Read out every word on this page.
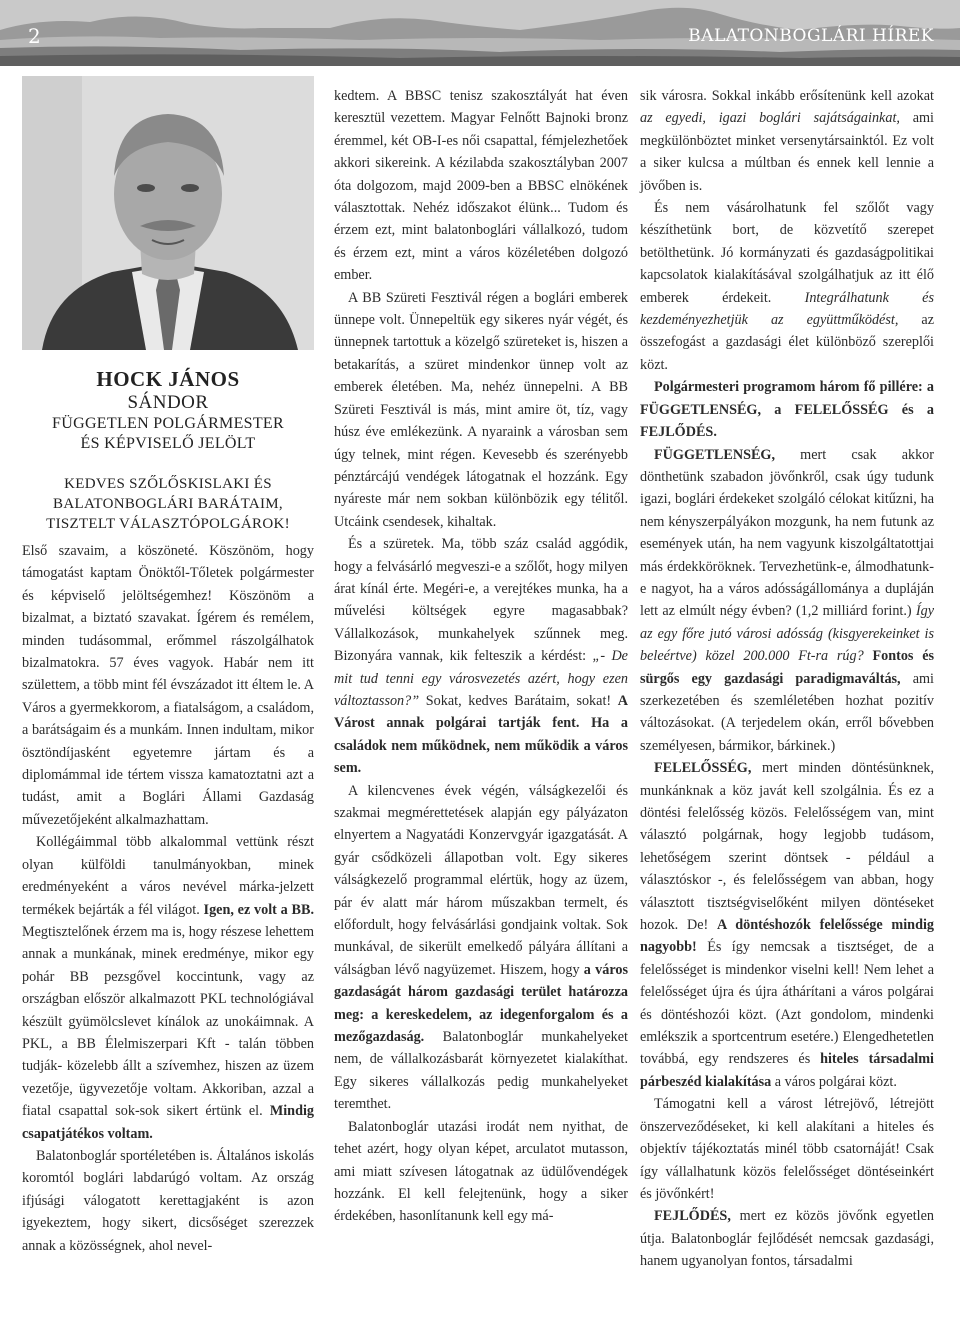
2	BALATONBOGLÁRI HÍREK
HOCK JÁNOS
SÁNDOR
FÜGGETLEN POLGÁRMESTER
ÉS KÉPVISELŐ JELÖLT
KEDVES SZŐLŐSKISLAKI ÉS
BALATONBOGLÁRI BARÁTAIM,
TISZTELT VÁLASZTÓPOLGÁROK!

Első szavaim, a köszöneté. Köszönöm, hogy támogatást kaptam Önöktől-Tőletek polgármester és képviselő jelöltségemhez! Köszönöm a bizalmat, a biztató szavakat. Ígérem és remélem, minden tudásommal, erőmmel rászolgálhatok bizalmatokra. 57 éves vagyok. Habár nem itt születtem, a több mint fél évszázadot itt éltem le. A Város a gyermekkorom, a fiatalságom, a családom, a barátságaim és a munkám. Innen indultam, mikor ösztöndíjasként egyetemre jártam és a diplomámmal ide tértem vissza kamatoztatni azt a tudást, amit a Boglári Állami Gazdaság művezetőjeként alkalmazhattam.

Kollégáimmal több alkalommal vettünk részt olyan külföldi tanulmányokban, minek eredményeként a város nevével márka-jelzett termékek bejárták a fél világot. Igen, ez volt a BB. Megtisztelőnek érzem ma is, hogy részese lehettem annak a munkának, minek eredménye, mikor egy pohár BB pezsgővel koccintunk, vagy az országban először alkalmazott PKL technológiával készült gyümölcslevet kínálok az unokáimnak. A PKL, a BB Élelmiszerpari Kft - talán többen tudják- közelebb állt a szívemhez, hiszen az üzem vezetője, ügyvezetője voltam. Akkoriban, azzal a fiatal csapattal sok-sok sikert értünk el. Mindig csapatjátékos voltam.

Balatonboglár sportéletében is. Általános iskolás koromtól boglári labdarúgó voltam. Az ország ifjúsági válogatott kerettagjaként is azon igyekeztem, hogy sikert, dicsőséget szerezzek annak a közösségnek, ahol nevel-

kedtem. A BBSC tenisz szakosztályát hat éven keresztül vezettem. Magyar Felnőtt Bajnoki bronz éremmel, két OB-I-es női csapattal, fémjelezhetőek akkori sikereink. A kézilabda szakosztályban 2007 óta dolgozom, majd 2009-ben a BBSC elnökének választottak. Nehéz időszakot élünk... Tudom és érzem ezt, mint balatonboglári vállalkozó, tudom és érzem ezt, mint a város közéletében dolgozó ember.

A BB Szüreti Fesztivál régen a boglári emberek ünnepe volt. Ünnepeltük egy sikeres nyár végét, és ünnepnek tartottuk a közelgő szüreteket is, hiszen a betakarítás, a szüret mindenkor ünnep volt az emberek életében. Ma, nehéz ünnepelni. A BB Szüreti Fesztivál is más, mint amire öt, tíz, vagy húsz éve emlékezünk. A nyaraink a városban sem úgy telnek, mint régen. Kevesebb és szerényebb pénztárcájú vendégek látogatnak el hozzánk. Egy nyáreste már nem sokban különbözik egy télitől. Utcáink csendesek, kihaltak.

És a szüretek. Ma, több száz család aggódik, hogy a felvásárló megveszi-e a szőlőt, hogy milyen árat kínál érte. Megéri-e, a verejtékes munka, ha a művelési költségek egyre magasabbak? Vállalkozások, munkahelyek szűnnek meg. Bizonyára vannak, kik felteszik a kérdést: „- De mit tud tenni egy városvezetés azért, hogy ezen változtasson?” Sokat, kedves Barátaim, sokat! A Várost annak polgárai tartják fent. Ha a családok nem működnek, nem működik a város sem.

A kilencvenes évek végén, válságkezelői és szakmai megmérettetések alapján egy pályázaton elnyertem a Nagyatádi Konzervgyár igazgatását. A gyár csődközeli állapotban volt. Egy sikeres válságkezelő programmal elértük, hogy az üzem, pár év alatt már három műszakban termelt, és előfordult, hogy felvásárlási gondjaink voltak. Sok munkával, de sikerült emelkedő pályára állítani a válságban lévő nagyüzemet. Hiszem, hogy a város gazdaságát három gazdasági terület határozza meg: a kereskedelem, az idegenforgalom és a mezőgazdaság. Balatonboglár munkahelyeket nem, de vállalkozásbarát környezetet kialakíthat. Egy sikeres vállalkozás pedig munkahelyeket teremthet.

Balatonboglár utazási irodát nem nyithat, de tehet azért, hogy olyan képet, arculatot mutasson, ami miatt szívesen látogatnak az üdülővendégek hozzánk. El kell felejtenünk, hogy a siker érdekében, hasonlítanunk kell egy má-

sik városra. Sokkal inkább erősítenünk kell azokat az egyedi, igazi boglári sajátságainkat, ami megkülönböztet minket versenytársainktól. Ez volt a siker kulcsa a múltban és ennek kell lennie a jövőben is.

És nem vásárolhatunk fel szőlőt vagy készíthetünk bort, de közvetítő szerepet betölthetünk. Jó kormányzati és gazdaságpolitikai kapcsolatok kialakításával szolgálhatjuk az itt élő emberek érdekeit. Integrálhatunk és kezdeményezhetjük az együttműködést, az összefogást a gazdasági élet különböző szereplői közt.

Polgármesteri programom három fő pillére: a FÜGGETLENSÉG, a FELELŐSSÉG és a FEJLŐDÉS.

FÜGGETLENSÉG, mert csak akkor dönthetünk szabadon jövőnkről, csak úgy tudunk igazi, boglári érdekeket szolgáló célokat kitűzni, ha nem kényszerpályákon mozgunk, ha nem futunk az események után, ha nem vagyunk kiszolgáltatottjai más érdekköröknek. Tervezhetünk-e, álmodhatunk-e nagyot, ha a város adósságállománya a dupláján lett az elmúlt négy évben? (1,2 milliárd forint.) Így az egy főre jutó városi adósság (kisgyerekeinket is beleértve) közel 200.000 Ft-ra rúg? Fontos és sürgős egy gazdasági paradigmaváltás, ami szerkezetében és szemléletében hozhat pozitív változásokat. (A terjedelem okán, erről bővebben személyesen, bármikor, bárkinek.)

FELELŐSSÉG, mert minden döntésünknek, munkánknak a köz javát kell szolgálnia. És ez a döntési felelősség közös. Felelősségem van, mint választó polgárnak, hogy legjobb tudásom, lehetőségem szerint döntsek - például a választóskor -, és felelősségem van abban, hogy választott tisztségviselőként milyen döntéseket hozok. De! A döntéshozók felelőssége mindig nagyobb! És így nemcsak a tisztséget, de a felelősséget is mindenkor viselni kell! Nem lehet a felelősséget újra és újra áthárítani a város polgárai és döntéshozói közt. (Azt gondolom, mindenki emlékszik a sportcentrum esetére.) Elengedhetetlen továbbá, egy rendszeres és hiteles társadalmi párbeszéd kialakítása a város polgárai közt.

Támogatni kell a várost létrejövő, létrejött önszerveződéseket, ki kell alakítani a hiteles és objektív tájékoztatás minél több csatornáját! Csak így vállalhatunk közös felelősséget döntéseinkért és jövőnkért!

FEJLŐDÉS, mert ez közös jövőnk egyetlen útja. Balatonboglár fejlődését nemcsak gazdasági, hanem ugyanolyan fontos, társadalmi
